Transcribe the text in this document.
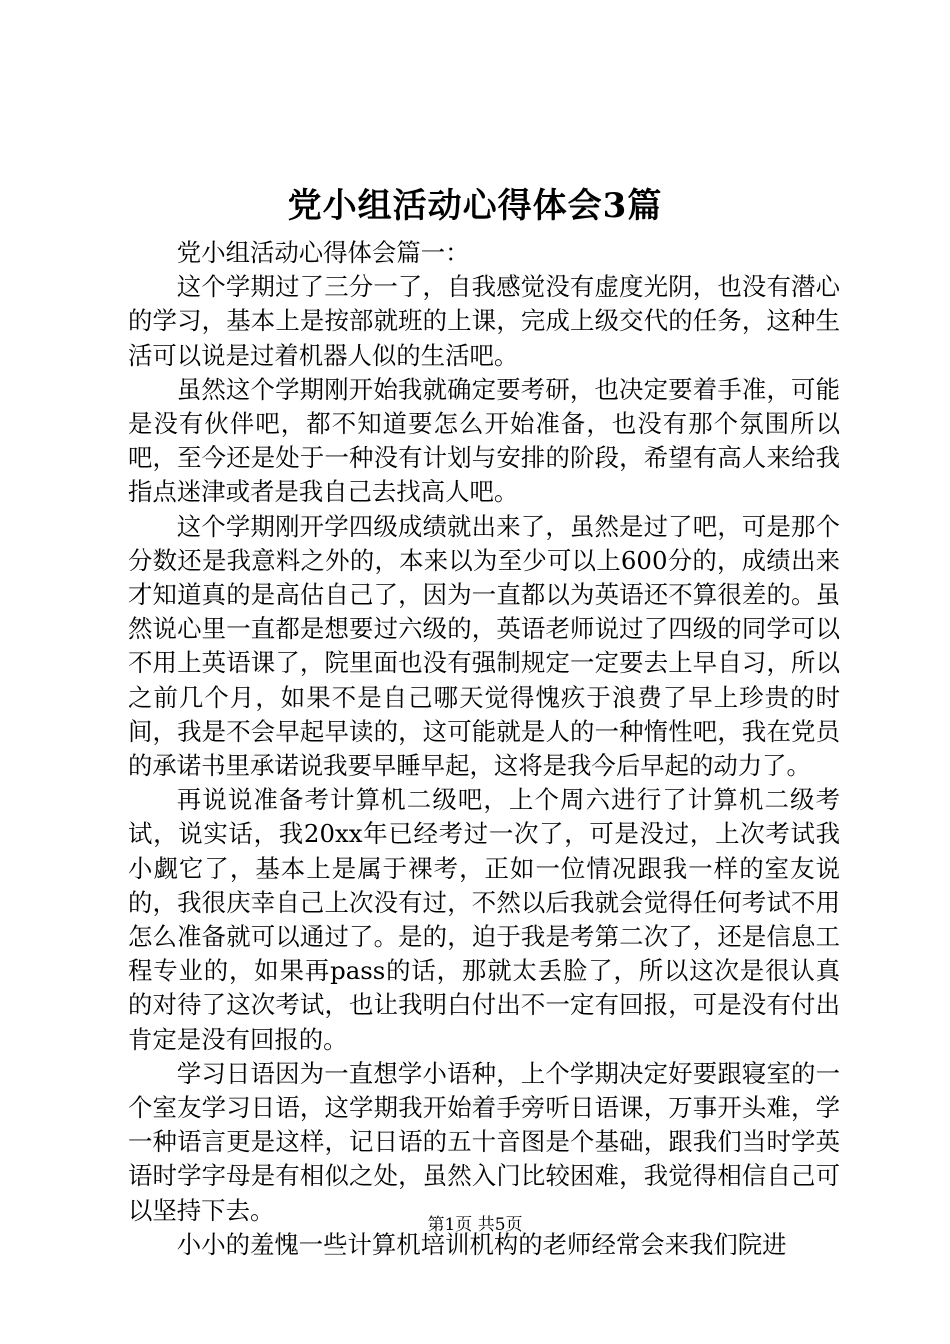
党小组活动心得体会3篇

党小组活动心得体会篇一：

这个学期过了三分一了，自我感觉没有虚度光阴，也没有潜心的学习，基本上是按部就班的上课，完成上级交代的任务，这种生活可以说是过着机器人似的生活吧。

虽然这个学期刚开始我就确定要考研，也决定要着手准，可能是没有伙伴吧，都不知道要怎么开始准备，也没有那个氛围所以吧，至今还是处于一种没有计划与安排的阶段，希望有高人来给我指点迷津或者是我自己去找高人吧。

这个学期刚开学四级成绩就出来了，虽然是过了吧，可是那个分数还是我意料之外的，本来以为至少可以上600分的，成绩出来才知道真的是高估自己了，因为一直都以为英语还不算很差的。虽然说心里一直都是想要过六级的，英语老师说过了四级的同学可以不用上英语课了，院里面也没有强制规定一定要去上早自习，所以之前几个月，如果不是自己哪天觉得愧疚于浪费了早上珍贵的时间，我是不会早起早读的，这可能就是人的一种惰性吧，我在党员的承诺书里承诺说我要早睡早起，这将是我今后早起的动力了。

再说说准备考计算机二级吧，上个周六进行了计算机二级考试，说实话，我20xx年已经考过一次了，可是没过，上次考试我小觑它了，基本上是属于裸考，正如一位情况跟我一样的室友说的，我很庆幸自己上次没有过，不然以后我就会觉得任何考试不用怎么准备就可以通过了。是的，迫于我是考第二次了，还是信息工程专业的，如果再pass的话，那就太丢脸了，所以这次是很认真的对待了这次考试，也让我明白付出不一定有回报，可是没有付出肯定是没有回报的。

学习日语因为一直想学小语种，上个学期决定好要跟寝室的一个室友学习日语，这学期我开始着手旁听日语课，万事开头难，学一种语言更是这样，记日语的五十音图是个基础，跟我们当时学英语时学字母是有相似之处，虽然入门比较困难，我觉得相信自己可以坚持下去。

小小的羞愧一些计算机培训机构的老师经常会来我们院进

第1页 共5页
